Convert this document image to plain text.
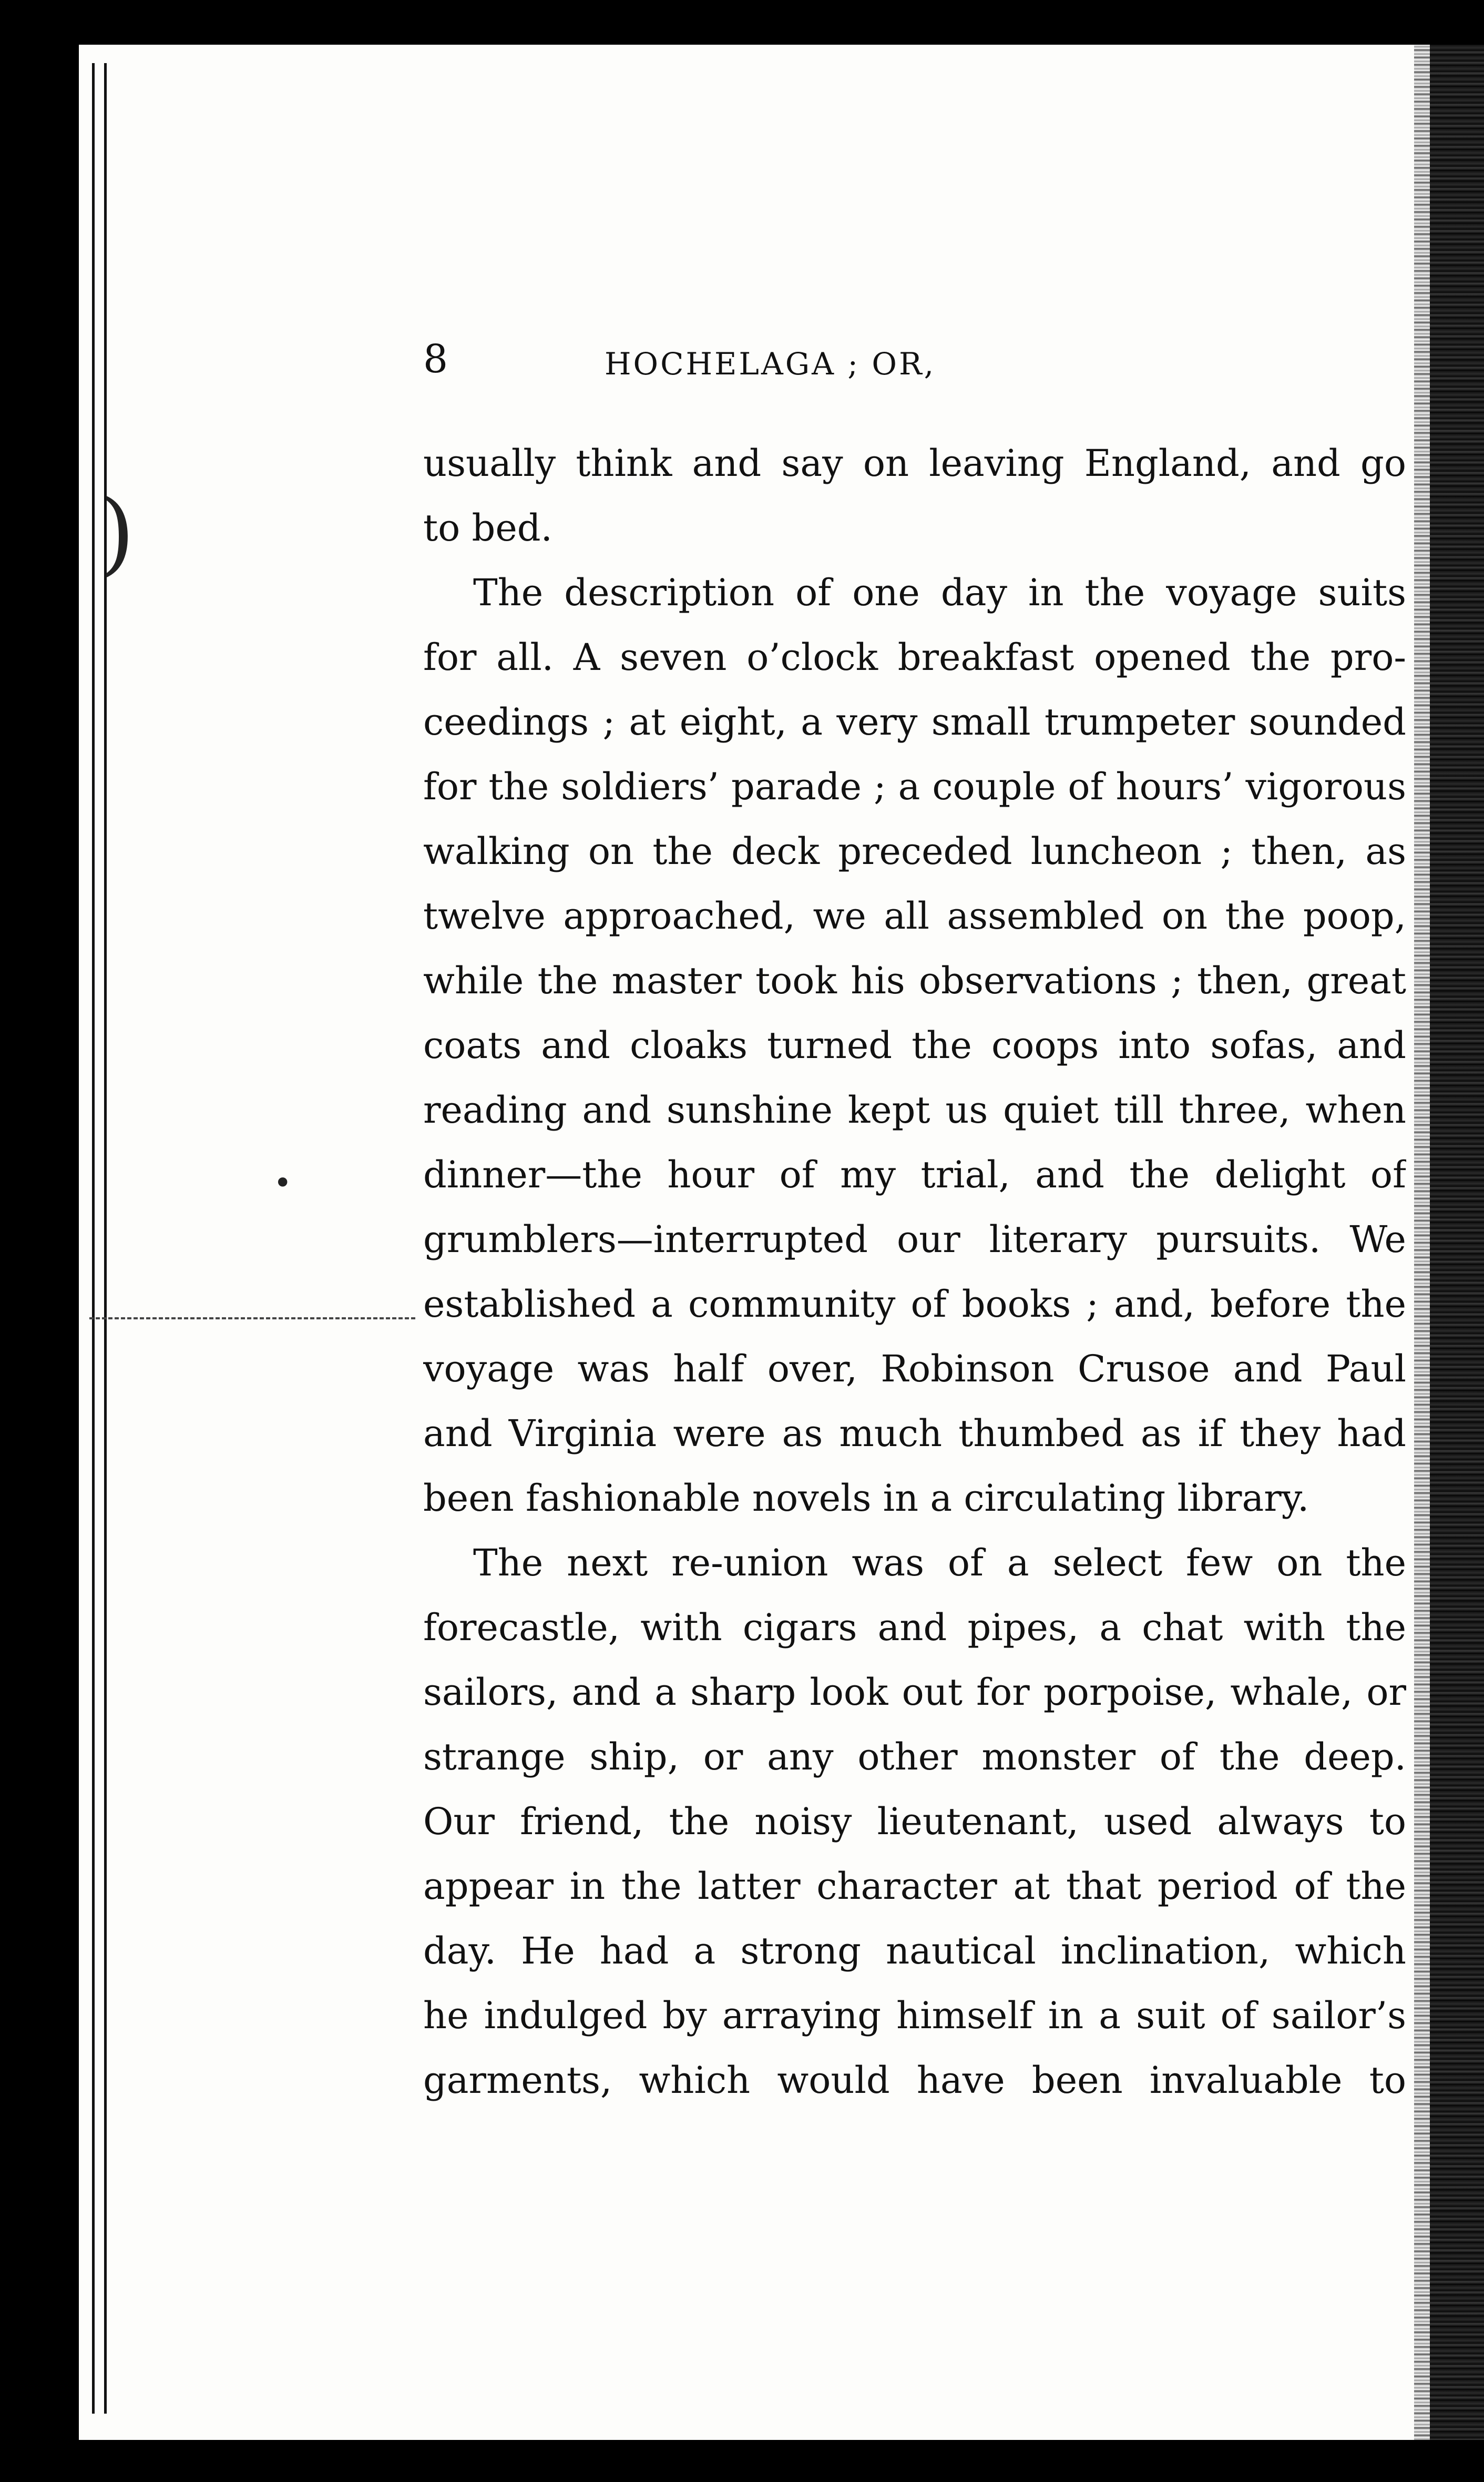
)
•
8	HOCHELAGA ; OR,
usually think and say on leaving England, and go
to bed.
The description of one day in the voyage suits
for all. A seven o’clock breakfast opened the pro-
ceedings ; at eight, a very small trumpeter sounded
for the soldiers’ parade ; a couple of hours’ vigorous
walking on the deck preceded luncheon ; then, as
twelve approached, we all assembled on the poop,
while the master took his observations ; then, great
coats and cloaks turned the coops into sofas, and
reading and sunshine kept us quiet till three, when
dinner—the hour of my trial, and the delight of
grumblers—interrupted our literary pursuits. We
established a community of books ; and, before the
voyage was half over, Robinson Crusoe and Paul
and Virginia were as much thumbed as if they had
been fashionable novels in a circulating library.
The next re-union was of a select few on the
forecastle, with cigars and pipes, a chat with the
sailors, and a sharp look out for porpoise, whale, or
strange ship, or any other monster of the deep.
Our friend, the noisy lieutenant, used always to
appear in the latter character at that period of the
day. He had a strong nautical inclination, which
he indulged by arraying himself in a suit of sailor’s
garments, which would have been invaluable to
